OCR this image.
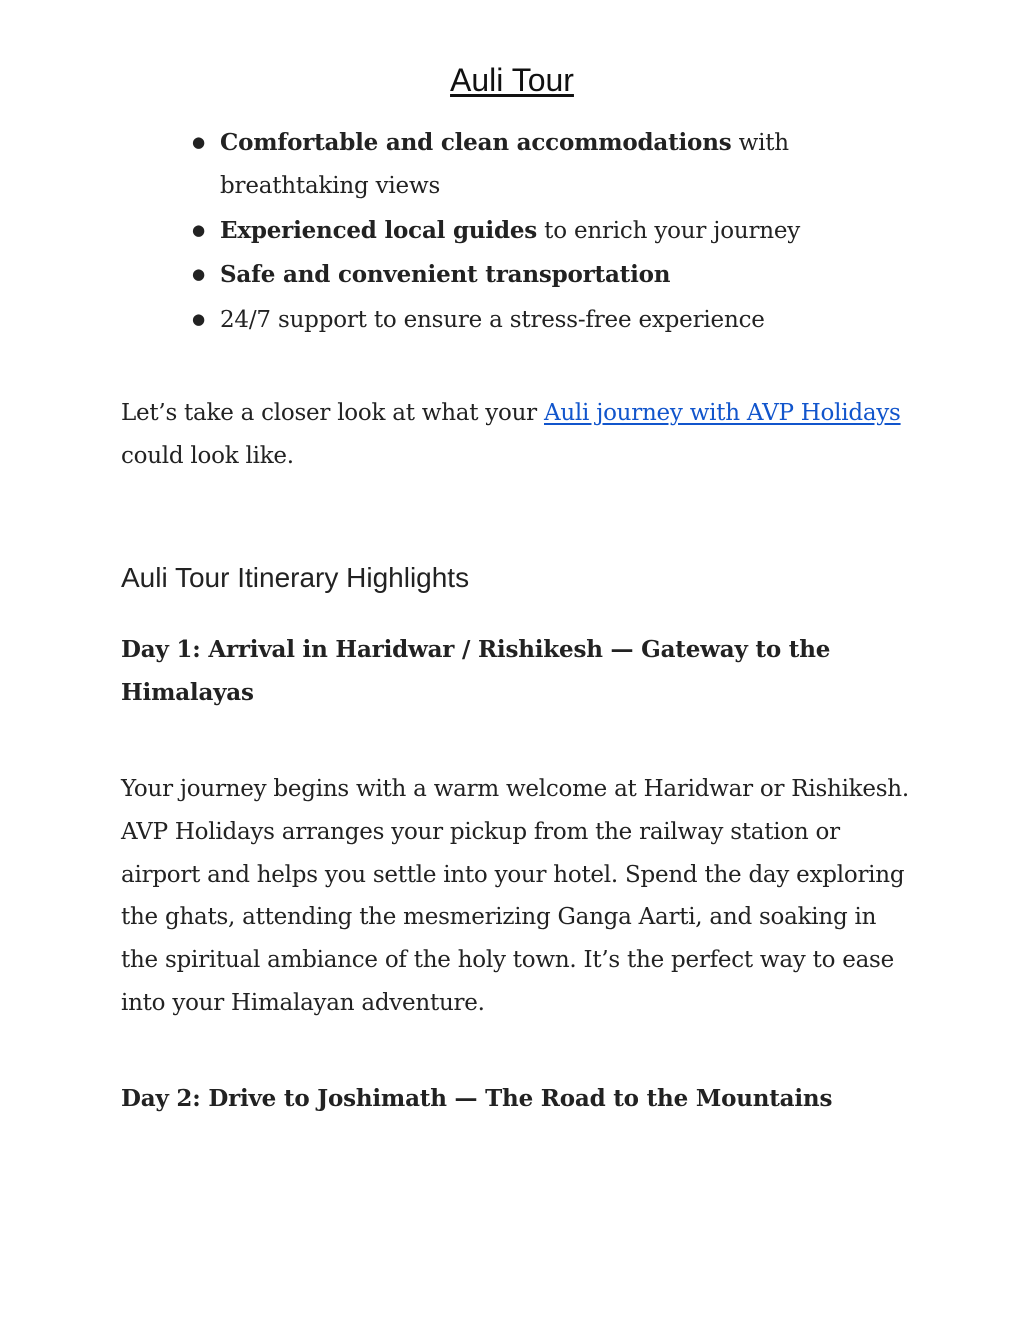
Auli Tour
● Comfortable and clean accommodations with breathtaking views
● Experienced local guides to enrich your journey
● Safe and convenient transportation
● 24/7 support to ensure a stress-free experience

Let’s take a closer look at what your Auli journey with AVP Holidays could look like.

Auli Tour Itinerary Highlights
Day 1: Arrival in Haridwar / Rishikesh — Gateway to the Himalayas

Your journey begins with a warm welcome at Haridwar or Rishikesh. AVP Holidays arranges your pickup from the railway station or airport and helps you settle into your hotel. Spend the day exploring the ghats, attending the mesmerizing Ganga Aarti, and soaking in the spiritual ambiance of the holy town. It’s the perfect way to ease into your Himalayan adventure.

Day 2: Drive to Joshimath — The Road to the Mountains
